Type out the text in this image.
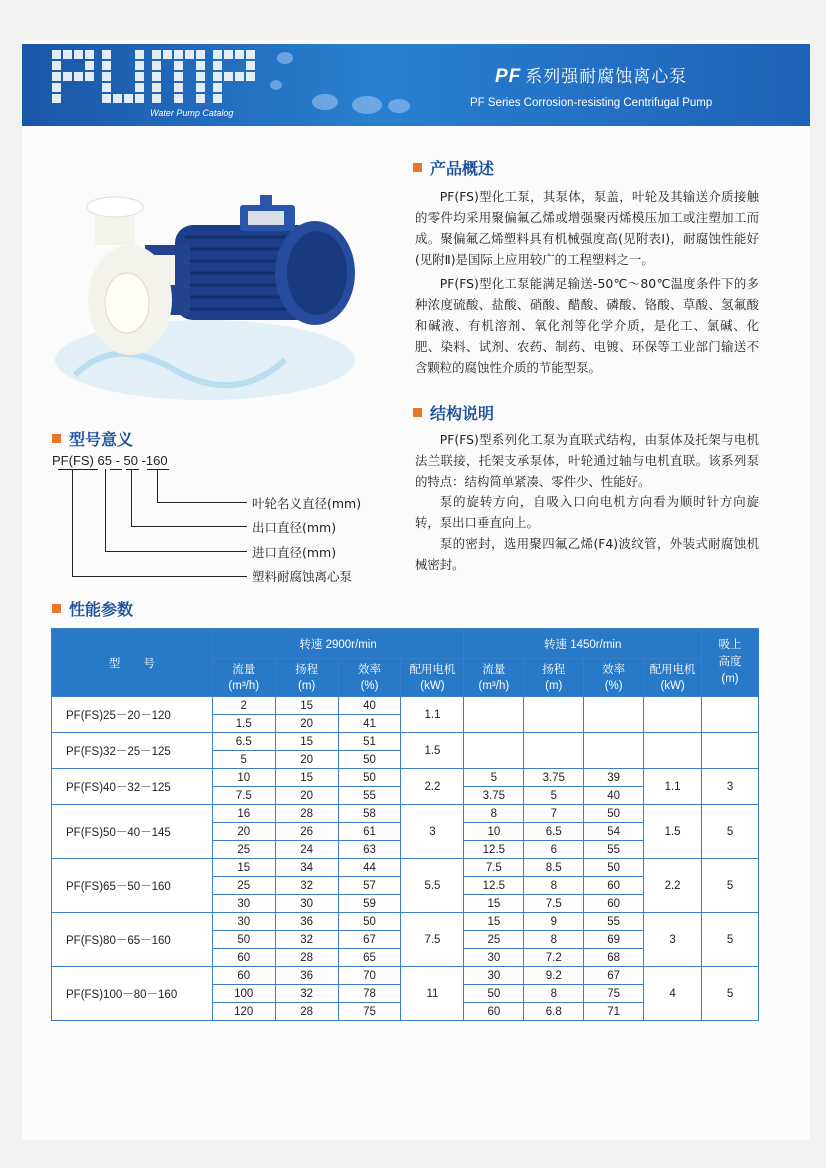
Water Pump Catalog
PF 系列强耐腐蚀离心泵
PF Series Corrosion-resisting Centrifugal Pump
产品概述
PF(FS)型化工泵，其泵体，泵盖，叶轮及其输送介质接触的零件均采用聚偏氟乙烯或增强聚丙烯模压加工或注塑加工而成。聚偏氟乙烯塑料具有机械强度高(见附表Ⅰ)，耐腐蚀性能好(见附Ⅱ)是国际上应用较广的工程塑料之一。
PF(FS)型化工泵能满足输送-50℃～80℃温度条件下的多种浓度硫酸、盐酸、硝酸、醋酸、磷酸、铬酸、草酸、氢氟酸和碱液、有机溶剂、氧化剂等化学介质，是化工、氯碱、化肥、染料、试剂、农药、制药、电镀、环保等工业部门输送不含颗粒的腐蚀性介质的节能型泵。
结构说明
PF(FS)型系列化工泵为直联式结构，由泵体及托架与电机法兰联接，托架支承泵体，叶轮通过轴与电机直联。该系列泵的特点：结构简单紧凑、零件少、性能好。
泵的旋转方向，自吸入口向电机方向看为顺时针方向旋转，泵出口垂直向上。
泵的密封，选用聚四氟乙烯(F4)波纹管，外装式耐腐蚀机械密封。
型号意义
PF(FS) 65 - 50 -160
叶轮名义直径(mm)
出口直径(mm)
进口直径(mm)
塑料耐腐蚀离心泵
性能参数
型　　号	转速 2900r/min				转速 1450r/min				吸上
高度
(m)
	流量
(m³/h)	扬程
(m)	效率
(%)	配用电机
(kW)	流量
(m³/h)	扬程
(m)	效率
(%)	配用电机
(kW)	
PF(FS)25－20－120	2	15	40	1.1					
	1.5	20	41						
PF(FS)32－25－125	6.5	15	51	1.5					
	5	20	50						
PF(FS)40－32－125	10	15	50	2.2	5	3.75	39	1.1	3
	7.5	20	55		3.75	5	40		
PF(FS)50－40－145	16	28	58	3	8	7	50	1.5	5
	20	26	61		10	6.5	54		
	25	24	63		12.5	6	55		
PF(FS)65－50－160	15	34	44	5.5	7.5	8.5	50	2.2	5
	25	32	57		12.5	8	60		
	30	30	59		15	7.5	60		
PF(FS)80－65－160	30	36	50	7.5	15	9	55	3	5
	50	32	67		25	8	69		
	60	28	65		30	7.2	68		
PF(FS)100－80－160	60	36	70	11	30	9.2	67	4	5
	100	32	78		50	8	75		
	120	28	75		60	6.8	71		
